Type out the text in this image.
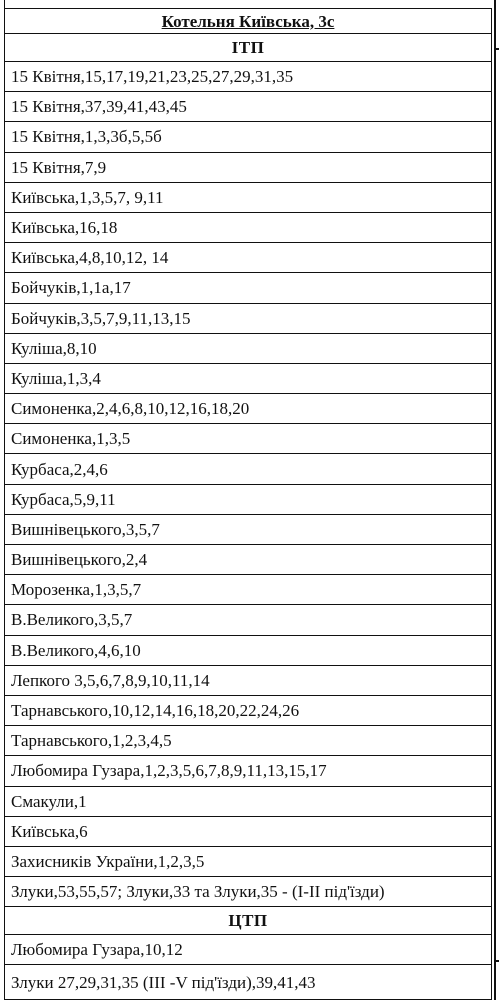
Котельня Київська, 3с
ІТП
15 Квітня,15,17,19,21,23,25,27,29,31,35
15 Квітня,37,39,41,43,45
15 Квітня,1,3,3б,5,5б
15 Квітня,7,9
Київська,1,3,5,7, 9,11
Київська,16,18
Київська,4,8,10,12, 14
Бойчуків,1,1а,17
Бойчуків,3,5,7,9,11,13,15
Куліша,8,10
Куліша,1,3,4
Симоненка,2,4,6,8,10,12,16,18,20
Симоненка,1,3,5
Курбаса,2,4,6
Курбаса,5,9,11
Вишнівецького,3,5,7
Вишнівецького,2,4
Морозенка,1,3,5,7
В.Великого,3,5,7
В.Великого,4,6,10
Лепкого 3,5,6,7,8,9,10,11,14
Тарнавського,10,12,14,16,18,20,22,24,26
Тарнавського,1,2,3,4,5
Любомира Гузара,1,2,3,5,6,7,8,9,11,13,15,17
Смакули,1
Київська,6
Захисників України,1,2,3,5
Злуки,53,55,57; Злуки,33 та Злуки,35 - (І-ІІ під'їзди)
ЦТП
Любомира Гузара,10,12
Злуки 27,29,31,35 (ІІІ -V під'їзди),39,41,43
